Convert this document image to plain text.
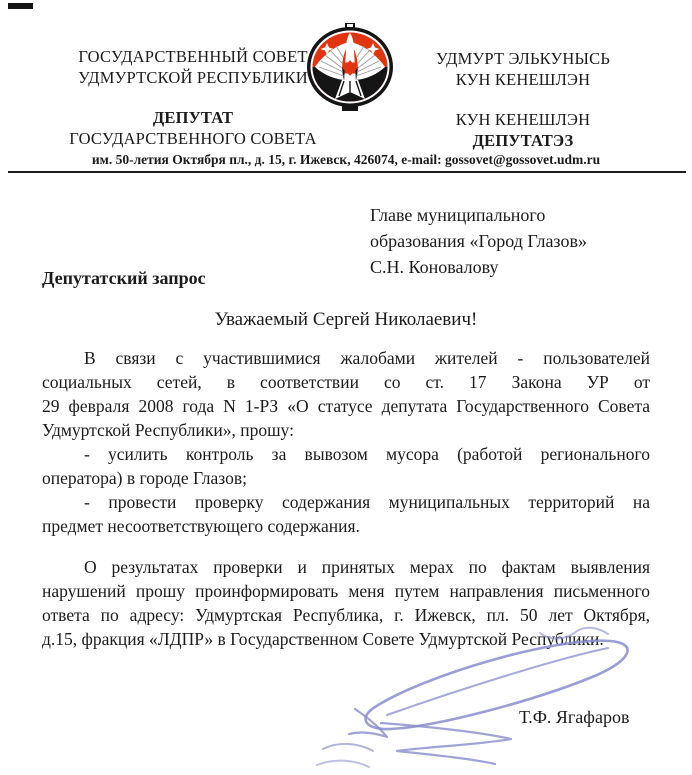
ГОСУДАРСТВЕННЫЙ СОВЕТ
УДМУРТСКОЙ РЕСПУБЛИКИ
ДЕПУТАТ
ГОСУДАРСТВЕННОГО СОВЕТА
УДМУРТ ЭЛЬКУНЫСЬ
КУН КЕНЕШЛЭН
КУН КЕНЕШЛЭН
ДЕПУТАТЭЗ
им. 50-летия Октября пл., д. 15, г. Ижевск, 426074, e-mail: gossovet@gossovet.udm.ru
Главе муниципального
образования «Город Глазов»
С.Н. Коновалову
Депутатский запрос
Уважаемый Сергей Николаевич!
В связи с участившимися жалобами жителей - пользователей
социальных сетей, в соответствии со ст. 17 Закона УР от
29 февраля 2008 года N 1-РЗ «О статусе депутата Государственного Совета
Удмуртской Республики», прошу:
- усилить контроль за вывозом мусора (работой регионального
оператора) в городе Глазов;
- провести проверку содержания муниципальных территорий на
предмет несоответствующего содержания.
О результатах проверки и принятых мерах по фактам выявления
нарушений прошу проинформировать меня путем направления письменного
ответа по адресу: Удмуртская Республика, г. Ижевск, пл. 50 лет Октября,
д.15, фракция «ЛДПР» в Государственном Совете Удмуртской Республики.
Т.Ф. Ягафаров
